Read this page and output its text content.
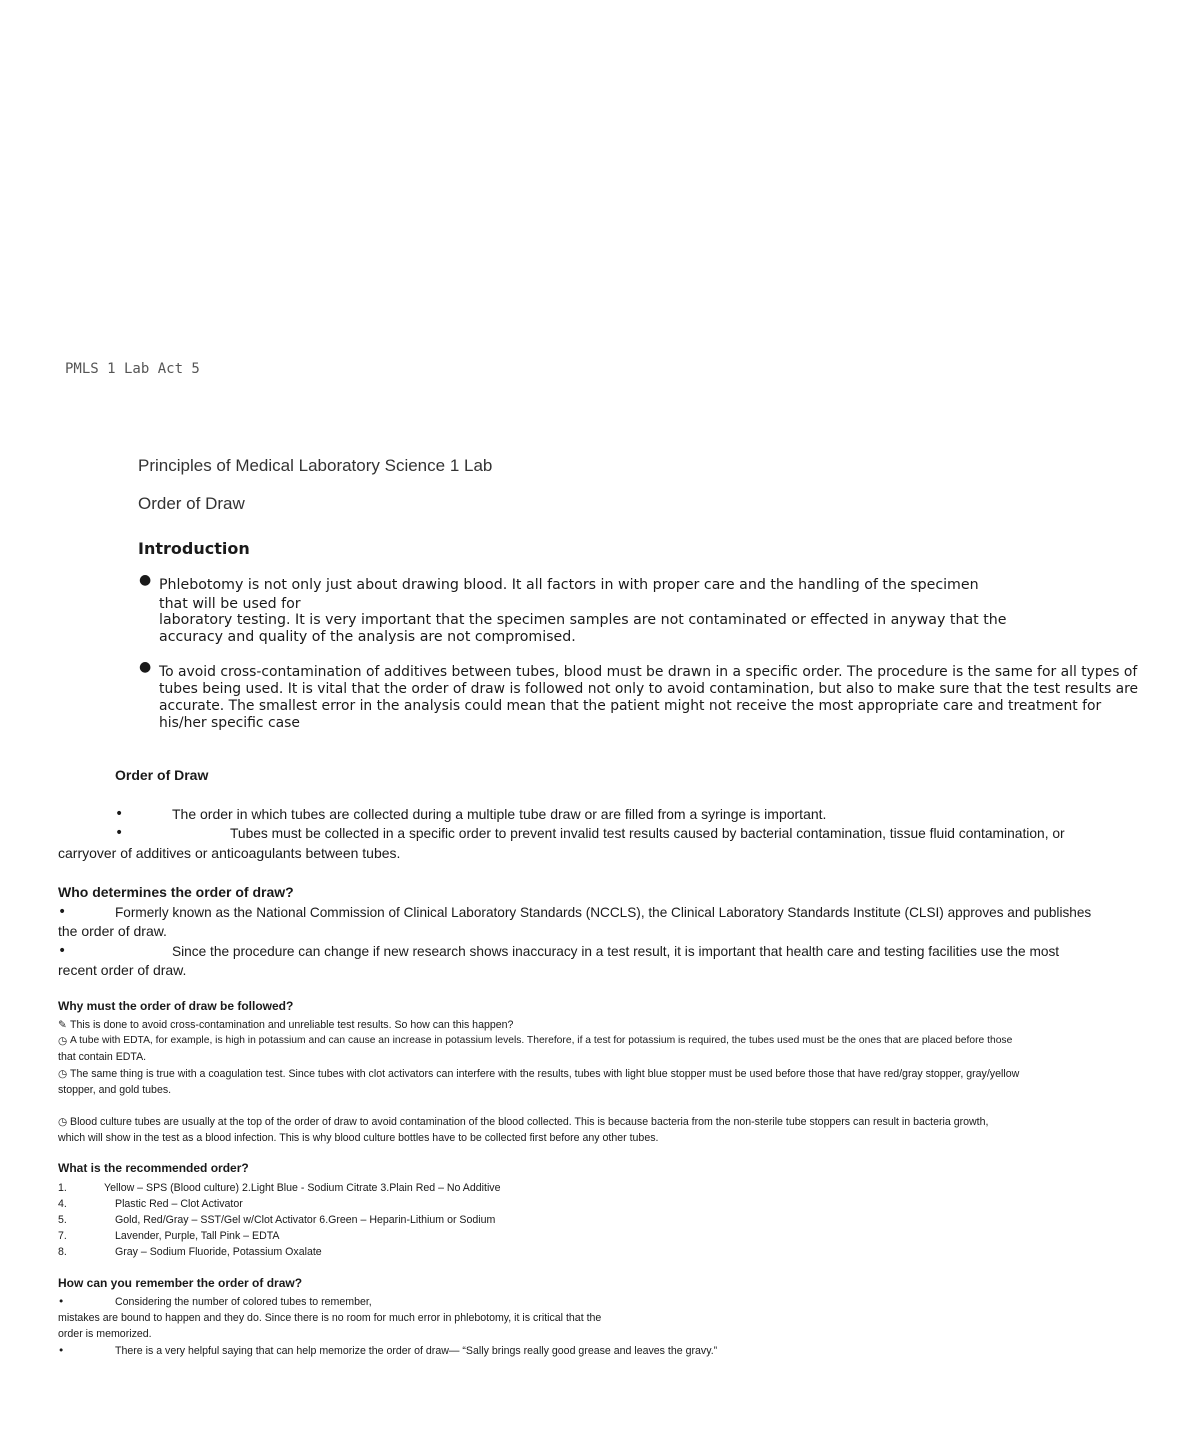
PMLS 1 Lab Act 5
Principles of Medical Laboratory Science 1 Lab
Order of Draw
Introduction
● Phlebotomy is not only just about drawing blood. It all factors in with proper care and the handling of the specimen
that will be used for
laboratory testing. It is very important that the specimen samples are not contaminated or effected in anyway that the
accuracy and quality of the analysis are not compromised.
● To avoid cross-contamination of additives between tubes, blood must be drawn in a specific order. The procedure is the same for all types of
tubes being used. It is vital that the order of draw is followed not only to avoid contamination, but also to make sure that the test results are
accurate. The smallest error in the analysis could mean that the patient might not receive the most appropriate care and treatment for
his/her specific case
Order of Draw
•	The order in which tubes are collected during a multiple tube draw or are filled from a syringe is important.
•	Tubes must be collected in a specific order to prevent invalid test results caused by bacterial contamination, tissue fluid contamination, or
carryover of additives or anticoagulants between tubes.
Who determines the order of draw?
•	Formerly known as the National Commission of Clinical Laboratory Standards (NCCLS), the Clinical Laboratory Standards Institute (CLSI) approves and publishes
the order of draw.
•	Since the procedure can change if new research shows inaccuracy in a test result, it is important that health care and testing facilities use the most
recent order of draw.
Why must the order of draw be followed?
✎ This is done to avoid cross-contamination and unreliable test results. So how can this happen?
◷ A tube with EDTA, for example, is high in potassium and can cause an increase in potassium levels. Therefore, if a test for potassium is required, the tubes used must be the ones that are placed before those
that contain EDTA.
◷ The same thing is true with a coagulation test. Since tubes with clot activators can interfere with the results, tubes with light blue stopper must be used before those that have red/gray stopper, gray/yellow
stopper, and gold tubes.
◷ Blood culture tubes are usually at the top of the order of draw to avoid contamination of the blood collected. This is because bacteria from the non-sterile tube stoppers can result in bacteria growth,
which will show in the test as a blood infection. This is why blood culture bottles have to be collected first before any other tubes.
What is the recommended order?
1.	Yellow – SPS (Blood culture) 2.Light Blue - Sodium Citrate 3.Plain Red – No Additive
4.	Plastic Red – Clot Activator
5.	Gold, Red/Gray – SST/Gel w/Clot Activator 6.Green – Heparin-Lithium or Sodium
7.	Lavender, Purple, Tall Pink – EDTA
8.	Gray – Sodium Fluoride, Potassium Oxalate
How can you remember the order of draw?
•	Considering the number of colored tubes to remember,
mistakes are bound to happen and they do. Since there is no room for much error in phlebotomy, it is critical that the
order is memorized.
•	There is a very helpful saying that can help memorize the order of draw— “Sally brings really good grease and leaves the gravy.”
